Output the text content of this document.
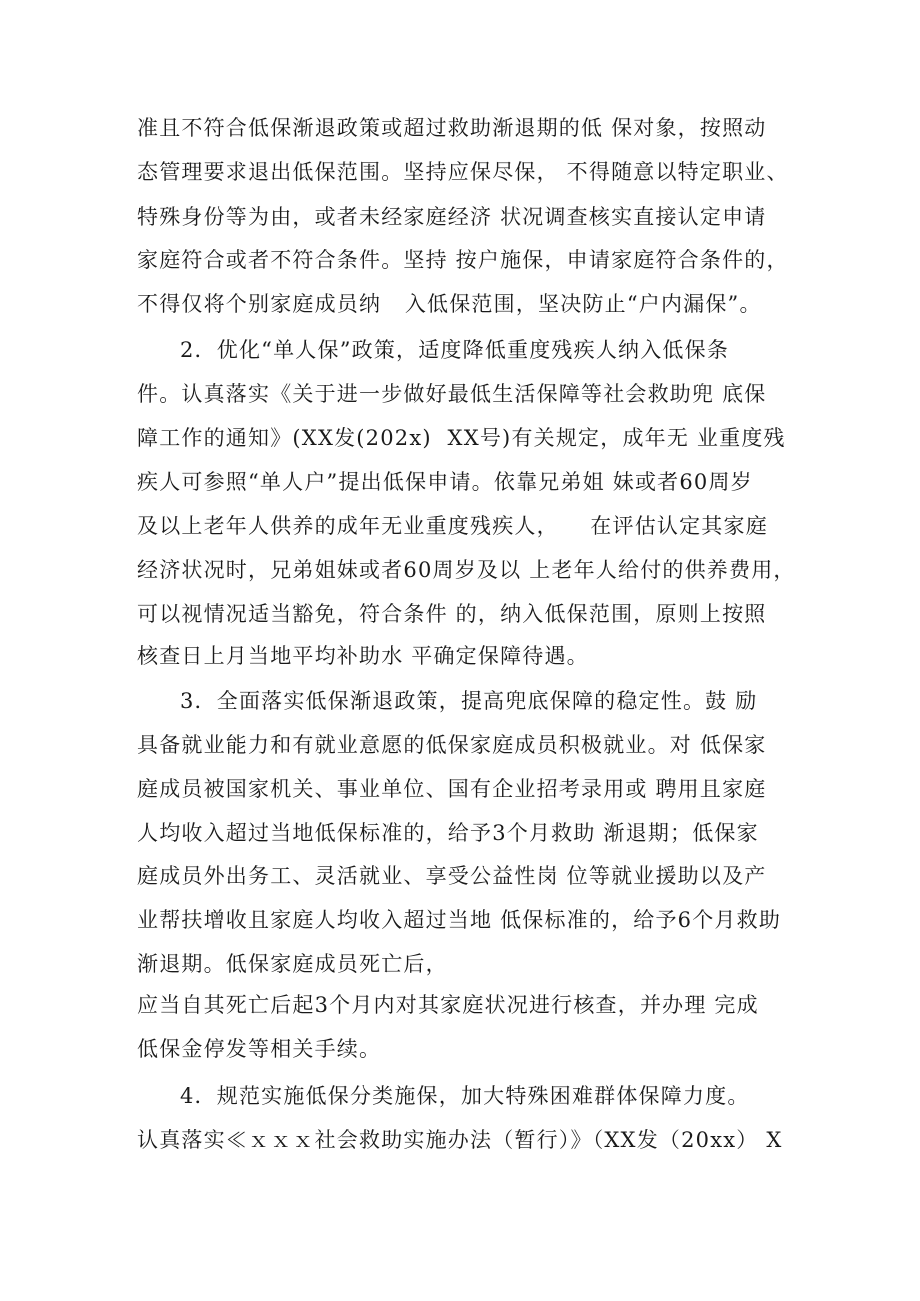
准且不符合低保渐退政策或超过救助渐退期的低 保对象，按照动
态管理要求退出低保范围。坚持应保尽保， 不得随意以特定职业、
特殊身份等为由，或者未经家庭经济 状况调查核实直接认定申请
家庭符合或者不符合条件。坚持 按户施保，申请家庭符合条件的，
不得仅将个别家庭成员纳   入低保范围，坚决防止“户内漏保”。
2．优化“单人保”政策，适度降低重度残疾人纳入低保条
件。认真落实《关于进一步做好最低生活保障等社会救助兜 底保
障工作的通知》(XX发(202x)  XX号)有关规定，成年无 业重度残
疾人可参照“单人户”提出低保申请。依靠兄弟姐 妹或者60周岁
及以上老年人供养的成年无业重度残疾人，    在评估认定其家庭
经济状况时，兄弟姐妹或者60周岁及以 上老年人给付的供养费用，
可以视情况适当豁免，符合条件 的，纳入低保范围，原则上按照
核查日上月当地平均补助水 平确定保障待遇。
3．全面落实低保渐退政策，提高兜底保障的稳定性。鼓 励
具备就业能力和有就业意愿的低保家庭成员积极就业。对 低保家
庭成员被国家机关、事业单位、国有企业招考录用或 聘用且家庭
人均收入超过当地低保标准的，给予3个月救助 渐退期；低保家
庭成员外出务工、灵活就业、享受公益性岗 位等就业援助以及产
业帮扶增收且家庭人均收入超过当地 低保标准的，给予6个月救助
渐退期。低保家庭成员死亡后，
应当自其死亡后起3个月内对其家庭状况进行核查，并办理 完成
低保金停发等相关手续。
4．规范实施低保分类施保，加大特殊困难群体保障力度。
认真落实≪ｘｘｘ社会救助实施办法（暂行）》（XX发（20xx） X
